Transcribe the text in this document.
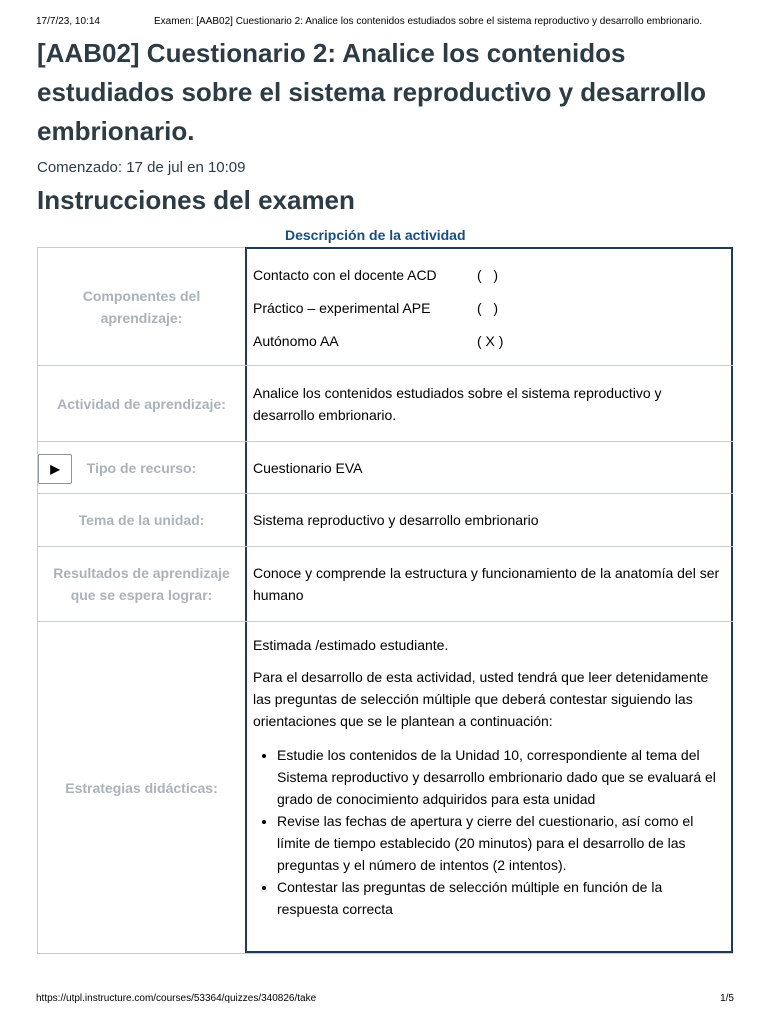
17/7/23, 10:14	Examen: [AAB02] Cuestionario 2: Analice los contenidos estudiados sobre el sistema reproductivo y desarrollo embrionario.
[AAB02] Cuestionario 2: Analice los contenidos estudiados sobre el sistema reproductivo y desarrollo embrionario.
Comenzado: 17 de jul en 10:09
Instrucciones del examen
Descripción de la actividad
Componentes del aprendizaje:
Contacto con el docente ACD	(   )
Práctico – experimental APE	(   )
Autónomo AA	( X )
Actividad de aprendizaje:

Analice los contenidos estudiados sobre el sistema reproductivo y desarrollo embrionario.

Tipo de recurso:
▶	Cuestionario EVA

Tema de la unidad:	Sistema reproductivo y desarrollo embrionario

Resultados de aprendizaje que se espera lograr:

Conoce y comprende la estructura y funcionamiento de la anatomía del ser humano

Estrategias didácticas:

Estimada /estimado estudiante.

Para el desarrollo de esta actividad, usted tendrá que leer detenidamente las preguntas de selección múltiple que deberá contestar siguiendo las orientaciones que se le plantean a continuación:

• Estudie los contenidos de la Unidad 10, correspondiente al tema del Sistema reproductivo y desarrollo embrionario dado que se evaluará el grado de conocimiento adquiridos para esta unidad
• Revise las fechas de apertura y cierre del cuestionario, así como el límite de tiempo establecido (20 minutos) para el desarrollo de las preguntas y el número de intentos (2 intentos).
• Contestar las preguntas de selección múltiple en función de la respuesta correcta
https://utpl.instructure.com/courses/53364/quizzes/340826/take	1/5
